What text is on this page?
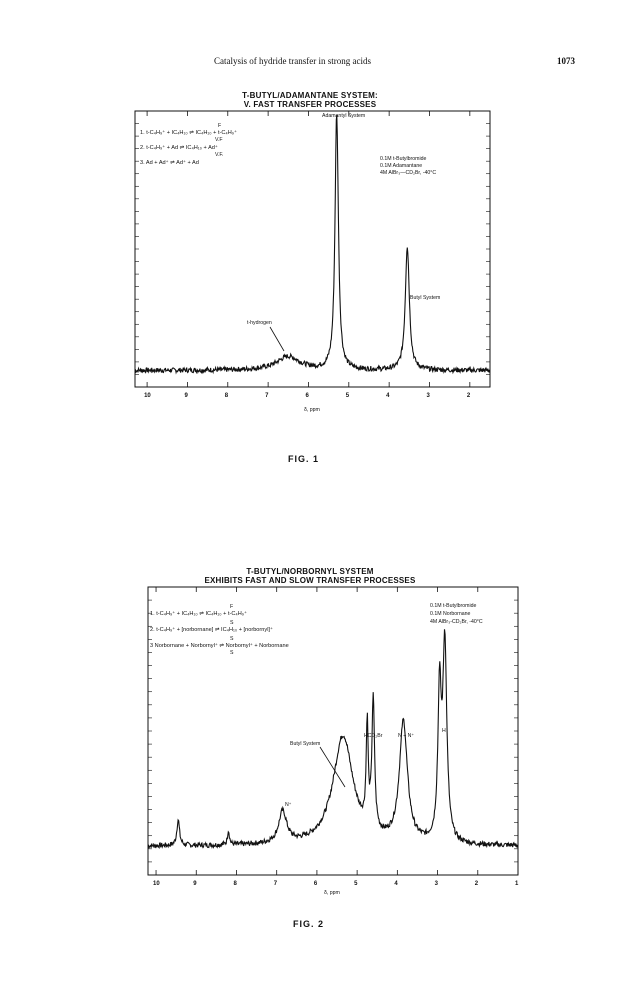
Catalysis of hydride transfer in strong acids	1073
T-BUTYL/ADAMANTANE SYSTEM:
V. FAST TRANSFER PROCESSES
10	9	8	7	6	5	4	3	2
Adamantyl System
F
1. t-C₄H₉⁺ + IC₄H₁₀ ⇌ IC₄H₁₀ + t-C₄H₉⁺
V.F
2. t-C₄H₉⁺ + Ad ⇌ IC₄H₁₀ + Ad⁺
V.F.
3. Ad + Ad⁺ ⇌ Ad⁺ + Ad
0.1M t-Butylbromide
0.1M Adamantane
4M AlBr₃—CD₂Br, -40°C
Butyl System
t-hydrogen
δ, ppm
FIG. 1
T-BUTYL/NORBORNYL SYSTEM
EXHIBITS FAST AND SLOW TRANSFER PROCESSES
10	9	8	7	6	5	4	3	2	1
F
1. t-C₄H₉⁺ + IC₄H₁₀ ⇌ IC₄H₁₀ + t-C₄H₉⁺
S
2. t-C₄H₉⁺ + [norbornane] ⇌ IC₄H₁₀ + [norbornyl]⁺
S
3 Norbornane + Norbornyl⁺ ⇌ Norbornyl⁺ + Norbornane
S
0.1M t-Butylbromide
0.1M Norbornane
4M AlBr₃-CD₂Br, -40°C
Butyl System
HCD₂Br	N + N⁺
H
N⁺
δ, ppm
FIG. 2
